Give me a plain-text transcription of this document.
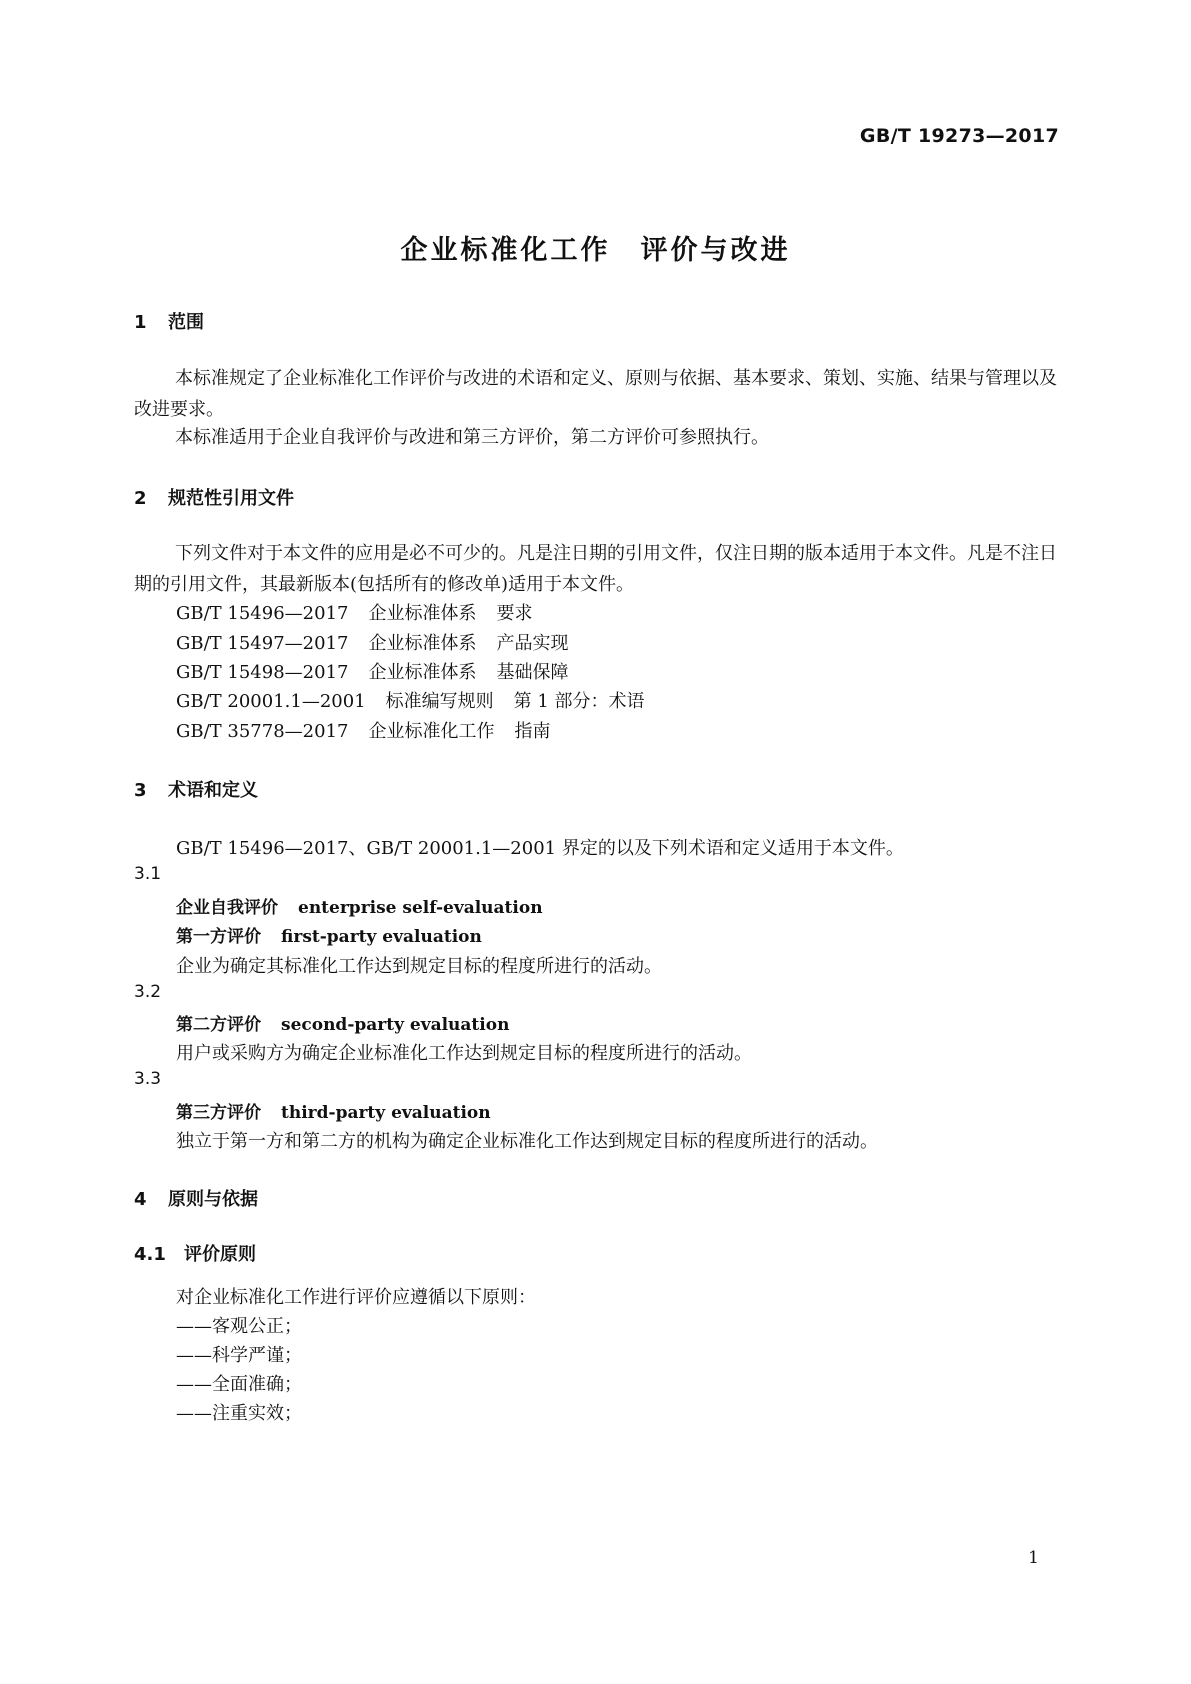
GB/T 19273—2017
企业标准化工作　评价与改进
1 范围
本标准规定了企业标准化工作评价与改进的术语和定义、原则与依据、基本要求、策划、实施、结果与管理以及改进要求。
本标准适用于企业自我评价与改进和第三方评价，第二方评价可参照执行。
2 规范性引用文件
下列文件对于本文件的应用是必不可少的。凡是注日期的引用文件，仅注日期的版本适用于本文件。凡是不注日期的引用文件，其最新版本(包括所有的修改单)适用于本文件。
GB/T 15496—2017 企业标准体系 要求
GB/T 15497—2017 企业标准体系 产品实现
GB/T 15498—2017 企业标准体系 基础保障
GB/T 20001.1—2001 标准编写规则 第 1 部分：术语
GB/T 35778—2017 企业标准化工作 指南
3 术语和定义
GB/T 15496—2017、GB/T 20001.1—2001 界定的以及下列术语和定义适用于本文件。
3.1
企业自我评价 enterprise self-evaluation
第一方评价 first-party evaluation
企业为确定其标准化工作达到规定目标的程度所进行的活动。
3.2
第二方评价 second-party evaluation
用户或采购方为确定企业标准化工作达到规定目标的程度所进行的活动。
3.3
第三方评价 third-party evaluation
独立于第一方和第二方的机构为确定企业标准化工作达到规定目标的程度所进行的活动。
4 原则与依据
4.1 评价原则
对企业标准化工作进行评价应遵循以下原则：
——客观公正；
——科学严谨；
——全面准确；
——注重实效；
1
